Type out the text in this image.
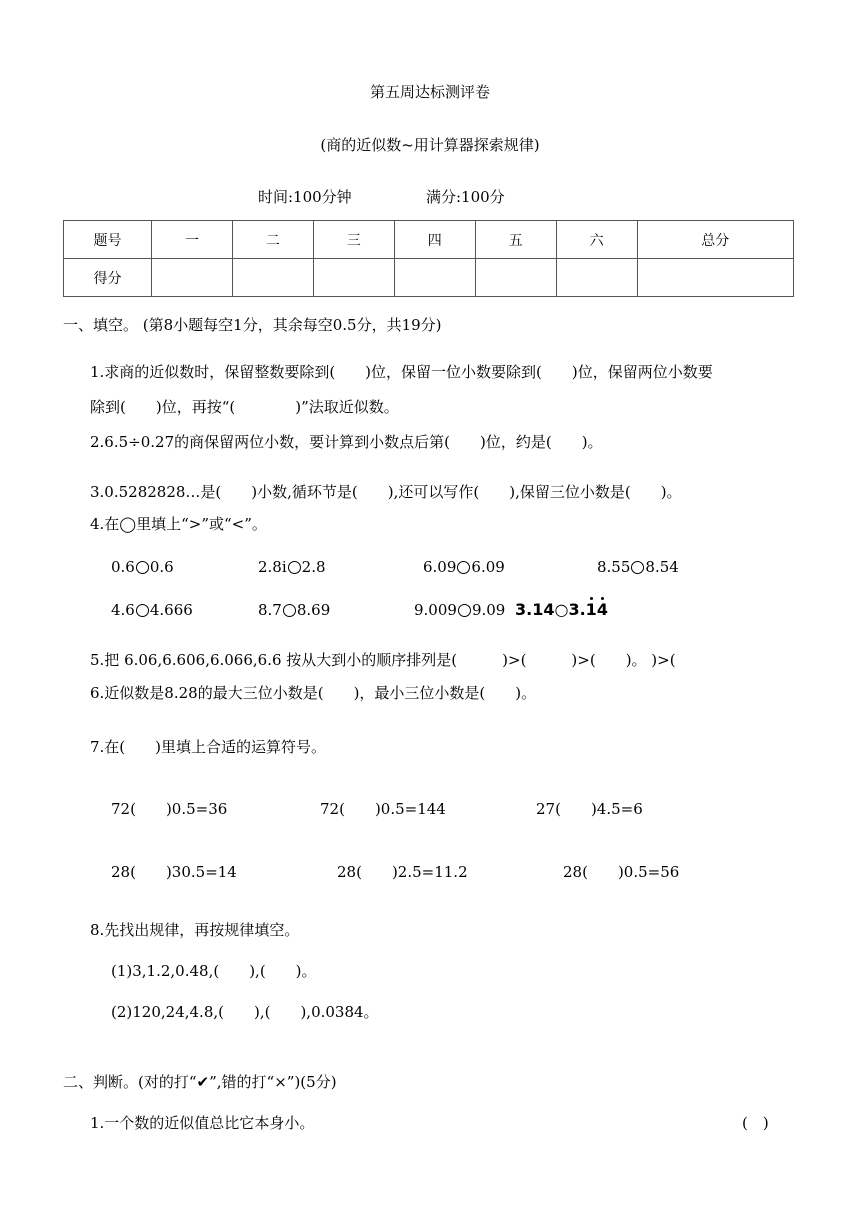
第五周达标测评卷
(商的近似数~用计算器探索规律)
时间:100分钟	满分:100分
题号	一	二	三	四	五	六	总分
得分							
一、填空。 (第8小题每空1分，其余每空0.5分，共19分)
1.求商的近似数时，保留整数要除到(　　)位，保留一位小数要除到(　　)位，保留两位小数要
除到(　　)位，再按“(　　　　)”法取近似数。
2.6.5÷0.27的商保留两位小数，要计算到小数点后第(　　)位，约是(　　)。
3.0.5282828…是(　　)小数,循环节是(　　),还可以写作(　　),保留三位小数是(　　)。
4.在◯里填上“>”或“<”。
0.6 0.6	2.8i 2.8	6.09 6.09	8.55 8.54
4.6 4.666	8.7 8.69	9.009 9.09 3.14○3.14
5.把 6.06,6.606,6.066,6.6 按从大到小的顺序排列是(　　　)>(　　　)>(　　)。 )>(
6.近似数是8.28的最大三位小数是(　　)，最小三位小数是(　　)。
7.在(　　)里填上合适的运算符号。
72(　　)0.5=36	72(　　)0.5=144	27(　　)4.5=6
28(　　)30.5=14	28(　　)2.5=11.2	28(　　)0.5=56
8.先找出规律，再按规律填空。
(1)3,1.2,0.48,(　　),(　　)。
(2)120,24,4.8,(　　),(　　),0.0384。
二、判断。(对的打“✔”,错的打“×”)(5分)
1.一个数的近似值总比它本身小。	(　)
